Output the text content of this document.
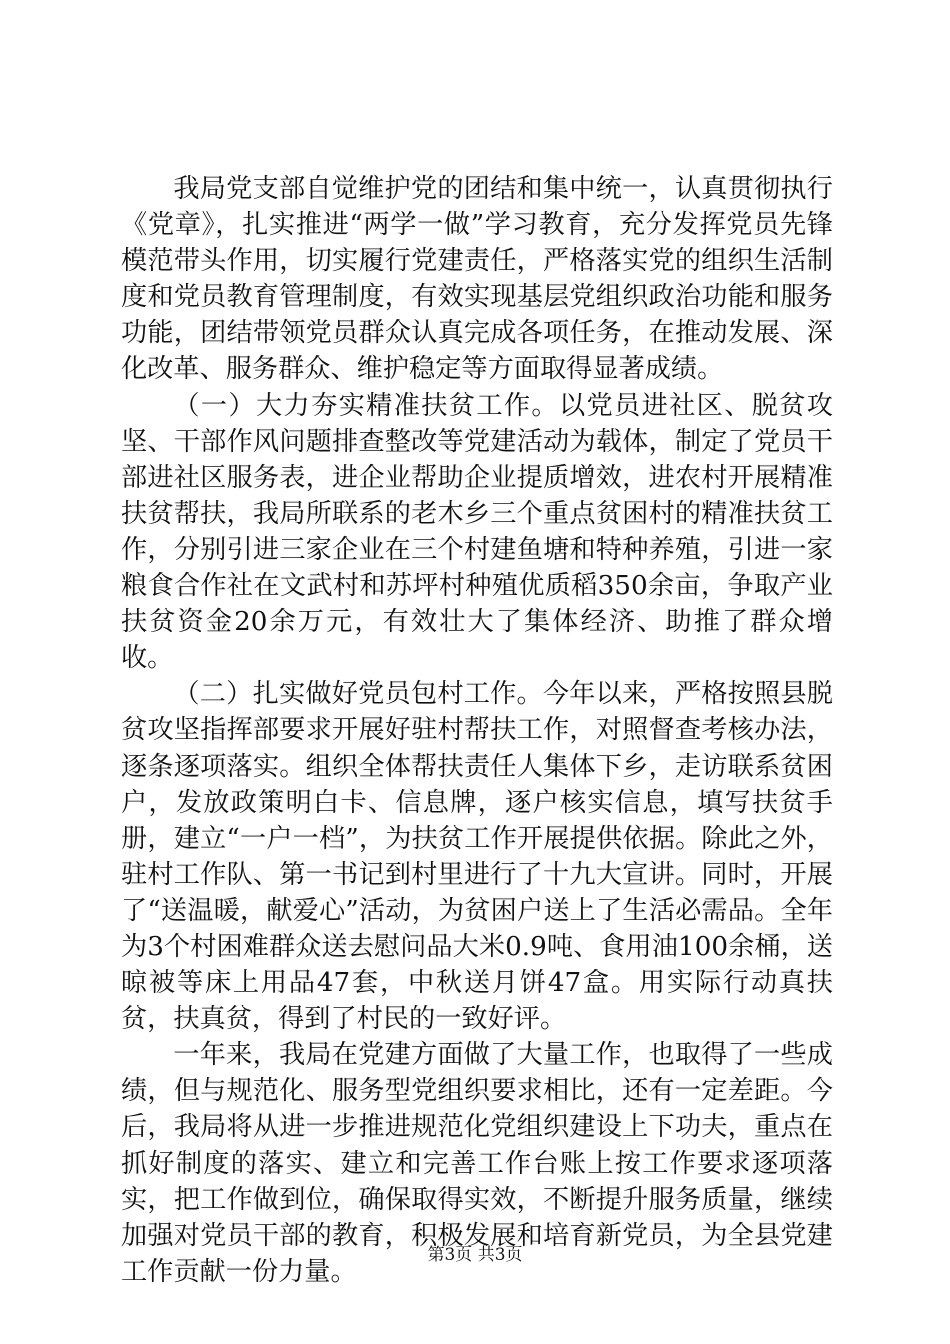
我局党支部自觉维护党的团结和集中统一，认真贯彻执行《党章》，扎实推进“两学一做”学习教育，充分发挥党员先锋模范带头作用，切实履行党建责任，严格落实党的组织生活制度和党员教育管理制度，有效实现基层党组织政治功能和服务功能，团结带领党员群众认真完成各项任务，在推动发展、深化改革、服务群众、维护稳定等方面取得显著成绩。

（一）大力夯实精准扶贫工作。以党员进社区、脱贫攻坚、干部作风问题排查整改等党建活动为载体，制定了党员干部进社区服务表，进企业帮助企业提质增效，进农村开展精准扶贫帮扶，我局所联系的老木乡三个重点贫困村的精准扶贫工作，分别引进三家企业在三个村建鱼塘和特种养殖，引进一家粮食合作社在文武村和苏坪村种殖优质稻350余亩，争取产业扶贫资金20余万元，有效壮大了集体经济、助推了群众增收。

（二）扎实做好党员包村工作。今年以来，严格按照县脱贫攻坚指挥部要求开展好驻村帮扶工作，对照督查考核办法，逐条逐项落实。组织全体帮扶责任人集体下乡，走访联系贫困户，发放政策明白卡、信息牌，逐户核实信息，填写扶贫手册，建立“一户一档”，为扶贫工作开展提供依据。除此之外，驻村工作队、第一书记到村里进行了十九大宣讲。同时，开展了“送温暖，献爱心”活动，为贫困户送上了生活必需品。全年为3个村困难群众送去慰问品大米0.9吨、食用油100余桶，送晾被等床上用品47套，中秋送月饼47盒。用实际行动真扶贫，扶真贫，得到了村民的一致好评。

一年来，我局在党建方面做了大量工作，也取得了一些成绩，但与规范化、服务型党组织要求相比，还有一定差距。今后，我局将从进一步推进规范化党组织建设上下功夫，重点在抓好制度的落实、建立和完善工作台账上按工作要求逐项落实，把工作做到位，确保取得实效，不断提升服务质量，继续加强对党员干部的教育，积极发展和培育新党员，为全县党建工作贡献一份力量。

第3页 共3页
